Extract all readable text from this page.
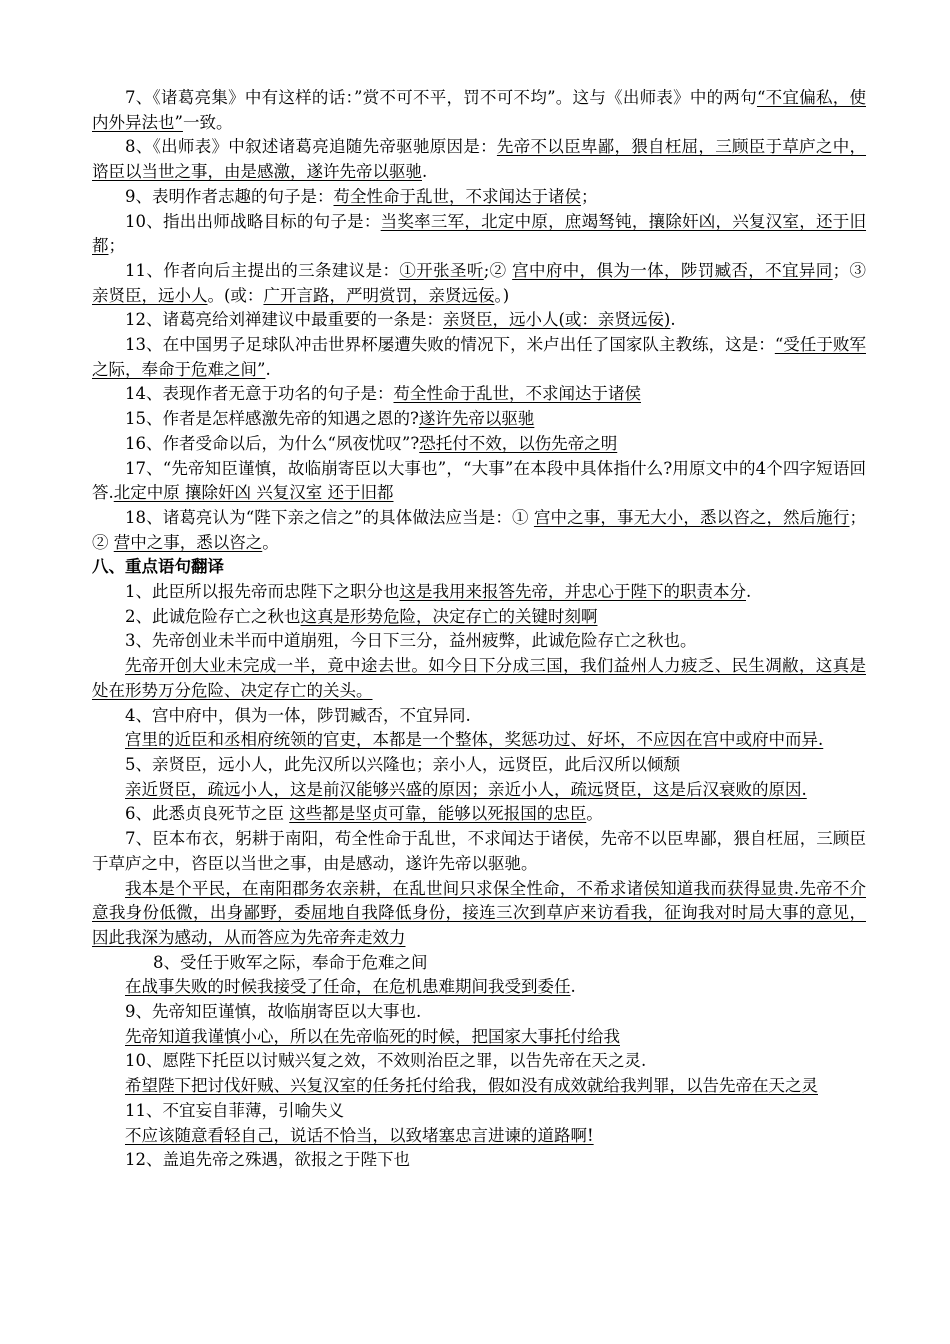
7、《诸葛亮集》中有这样的话：”赏不可不平，罚不可不均”。这与《出师表》中的两句“不宜偏私，使内外异法也”一致。

8、《出师表》中叙述诸葛亮追随先帝驱驰原因是：先帝不以臣卑鄙，猥自枉屈，三顾臣于草庐之中，谘臣以当世之事，由是感激，遂许先帝以驱驰.

9、表明作者志趣的句子是：苟全性命于乱世，不求闻达于诸侯；

10、指出出师战略目标的句子是：当奖率三军，北定中原，庶竭驽钝，攘除奸凶，兴复汉室，还于旧都；

11、作者向后主提出的三条建议是：①开张圣听;② 宫中府中，俱为一体，陟罚臧否，不宜异同；③亲贤臣，远小人。(或：广开言路，严明赏罚，亲贤远佞。)

12、诸葛亮给刘禅建议中最重要的一条是：亲贤臣，远小人(或：亲贤远佞).

13、在中国男子足球队冲击世界杯屡遭失败的情况下，米卢出任了国家队主教练，这是：“受任于败军之际，奉命于危难之间”.

14、表现作者无意于功名的句子是：苟全性命于乱世，不求闻达于诸侯

15、作者是怎样感激先帝的知遇之恩的?遂许先帝以驱驰

16、作者受命以后，为什么“夙夜忧叹”?恐托付不效，以伤先帝之明

17、“先帝知臣谨慎，故临崩寄臣以大事也”，“大事”在本段中具体指什么?用原文中的4个四字短语回答.北定中原 攘除奸凶 兴复汉室 还于旧都

18、诸葛亮认为“陛下亲之信之”的具体做法应当是：① 宫中之事，事无大小，悉以咨之，然后施行；② 营中之事，悉以咨之。

八、重点语句翻译

1、此臣所以报先帝而忠陛下之职分也这是我用来报答先帝，并忠心于陛下的职责本分.

2、此诚危险存亡之秋也这真是形势危险，决定存亡的关键时刻啊

3、先帝创业未半而中道崩殂，今日下三分，益州疲弊，此诚危险存亡之秋也。

先帝开创大业未完成一半，竟中途去世。如今日下分成三国，我们益州人力疲乏、民生凋敝，这真是处在形势万分危险、决定存亡的关头。

4、宫中府中，俱为一体，陟罚臧否，不宜异同.

宫里的近臣和丞相府统领的官吏，本都是一个整体，奖惩功过、好坏，不应因在宫中或府中而异.

5、亲贤臣，远小人，此先汉所以兴隆也；亲小人，远贤臣，此后汉所以倾颓

亲近贤臣，疏远小人，这是前汉能够兴盛的原因；亲近小人，疏远贤臣，这是后汉衰败的原因.

6、此悉贞良死节之臣 这些都是坚贞可靠，能够以死报国的忠臣。

7、臣本布衣，躬耕于南阳，苟全性命于乱世，不求闻达于诸侯，先帝不以臣卑鄙，猥自枉屈，三顾臣于草庐之中，咨臣以当世之事，由是感动，遂许先帝以驱驰。

我本是个平民，在南阳郡务农亲耕，在乱世间只求保全性命，不希求诸侯知道我而获得显贵.先帝不介意我身份低微，出身鄙野，委屈地自我降低身份，接连三次到草庐来访看我，征询我对时局大事的意见，因此我深为感动，从而答应为先帝奔走效力

8、受任于败军之际，奉命于危难之间

在战事失败的时候我接受了任命，在危机患难期间我受到委任.

9、先帝知臣谨慎，故临崩寄臣以大事也.

先帝知道我谨慎小心，所以在先帝临死的时候，把国家大事托付给我

10、愿陛下托臣以讨贼兴复之效，不效则治臣之罪，以告先帝在天之灵.

希望陛下把讨伐奸贼、兴复汉室的任务托付给我，假如没有成效就给我判罪，以告先帝在天之灵

11、不宜妄自菲薄，引喻失义

不应该随意看轻自己，说话不恰当，以致堵塞忠言进谏的道路啊!

12、盖追先帝之殊遇，欲报之于陛下也
